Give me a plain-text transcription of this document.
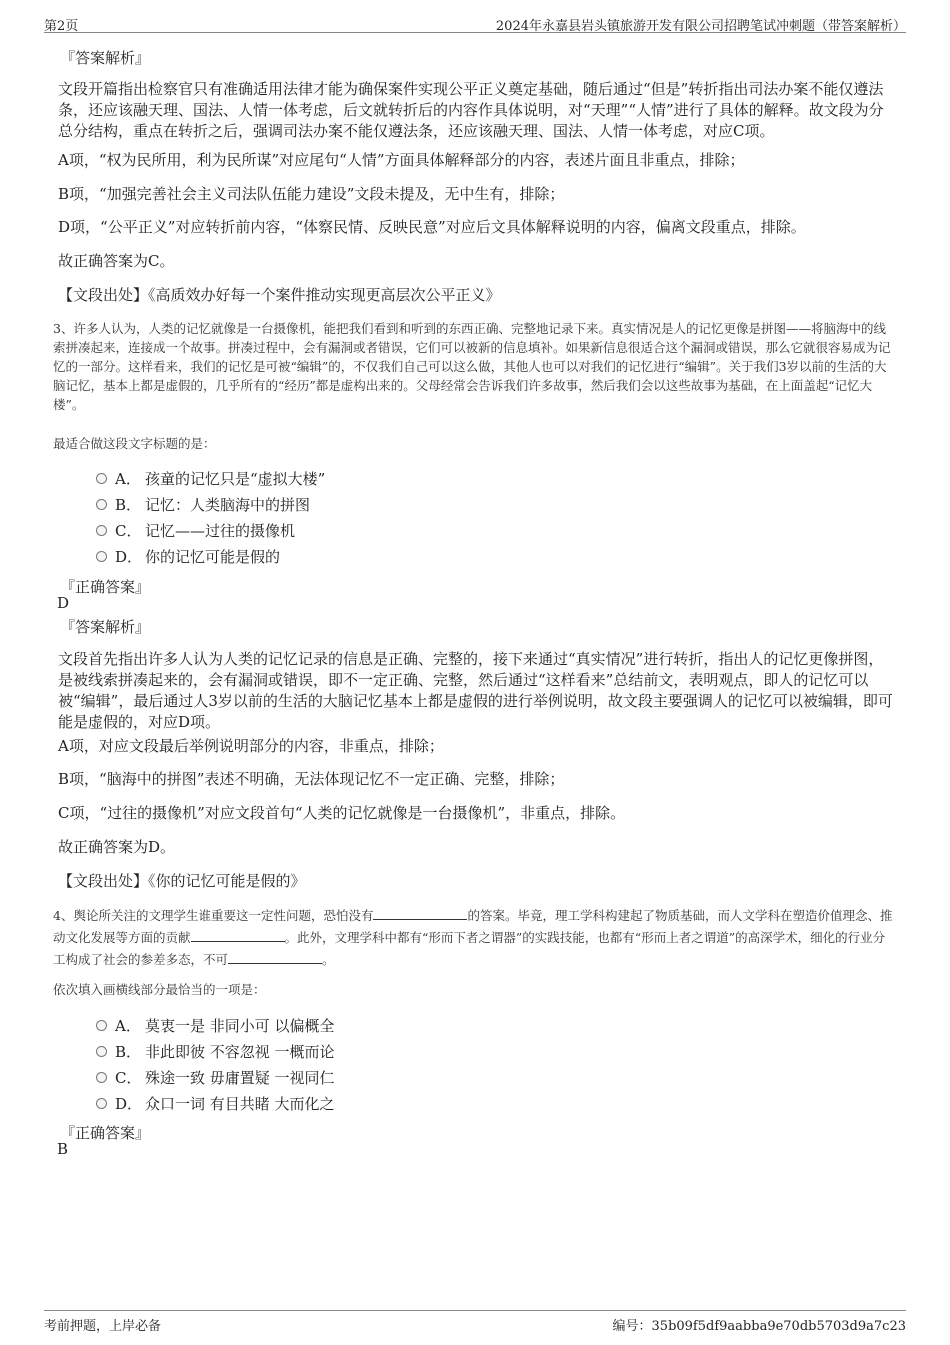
第2页	2024年永嘉县岩头镇旅游开发有限公司招聘笔试冲刺题（带答案解析）
『答案解析』
文段开篇指出检察官只有准确适用法律才能为确保案件实现公平正义奠定基础，随后通过“但是”转折指出司法办案不能仅遵法条，还应该融天理、国法、人情一体考虑，后文就转折后的内容作具体说明，对“天理”“人情”进行了具体的解释。故文段为分总分结构，重点在转折之后，强调司法办案不能仅遵法条，还应该融天理、国法、人情一体考虑，对应C项。
A项，“权为民所用，利为民所谋”对应尾句“人情”方面具体解释部分的内容，表述片面且非重点，排除；
B项，“加强完善社会主义司法队伍能力建设”文段未提及，无中生有，排除；
D项，“公平正义”对应转折前内容，“体察民情、反映民意”对应后文具体解释说明的内容，偏离文段重点，排除。
故正确答案为C。
【文段出处】《高质效办好每一个案件推动实现更高层次公平正义》
3、许多人认为，人类的记忆就像是一台摄像机，能把我们看到和听到的东西正确、完整地记录下来。真实情况是人的记忆更像是拼图——将脑海中的线索拼凑起来，连接成一个故事。拼凑过程中，会有漏洞或者错误，它们可以被新的信息填补。如果新信息很适合这个漏洞或错误，那么它就很容易成为记忆的一部分。这样看来，我们的记忆是可被“编辑”的，不仅我们自己可以这么做，其他人也可以对我们的记忆进行“编辑”。关于我们3岁以前的生活的大脑记忆，基本上都是虚假的，几乎所有的“经历”都是虚构出来的。父母经常会告诉我们许多故事，然后我们会以这些故事为基础，在上面盖起“记忆大楼”。
最适合做这段文字标题的是：
A． 孩童的记忆只是“虚拟大楼”
B． 记忆：人类脑海中的拼图
C． 记忆——过往的摄像机
D． 你的记忆可能是假的
『正确答案』
D
『答案解析』
文段首先指出许多人认为人类的记忆记录的信息是正确、完整的，接下来通过“真实情况”进行转折，指出人的记忆更像拼图，是被线索拼凑起来的，会有漏洞或错误，即不一定正确、完整，然后通过“这样看来”总结前文，表明观点，即人的记忆可以被“编辑”，最后通过人3岁以前的生活的大脑记忆基本上都是虚假的进行举例说明，故文段主要强调人的记忆可以被编辑，即可能是虚假的，对应D项。
A项，对应文段最后举例说明部分的内容，非重点，排除；
B项，“脑海中的拼图”表述不明确，无法体现记忆不一定正确、完整，排除；
C项，“过往的摄像机”对应文段首句“人类的记忆就像是一台摄像机”，非重点，排除。
故正确答案为D。
【文段出处】《你的记忆可能是假的》
4、舆论所关注的文理学生谁重要这一定性问题，恐怕没有	的答案。毕竟，理工学科构建起了物质基础，而人文学科在塑造价值理念、推动文化发展等方面的贡献	。此外，文理学科中都有“形而下者之谓器”的实践技能，也都有“形而上者之谓道”的高深学术，细化的行业分工构成了社会的参差多态，不可	。
依次填入画横线部分最恰当的一项是：
A． 莫衷一是 非同小可 以偏概全
B． 非此即彼 不容忽视 一概而论
C． 殊途一致 毋庸置疑 一视同仁
D． 众口一词 有目共睹 大而化之
『正确答案』
B
考前押题，上岸必备	编号：35b09f5df9aabba9e70db5703d9a7c23
